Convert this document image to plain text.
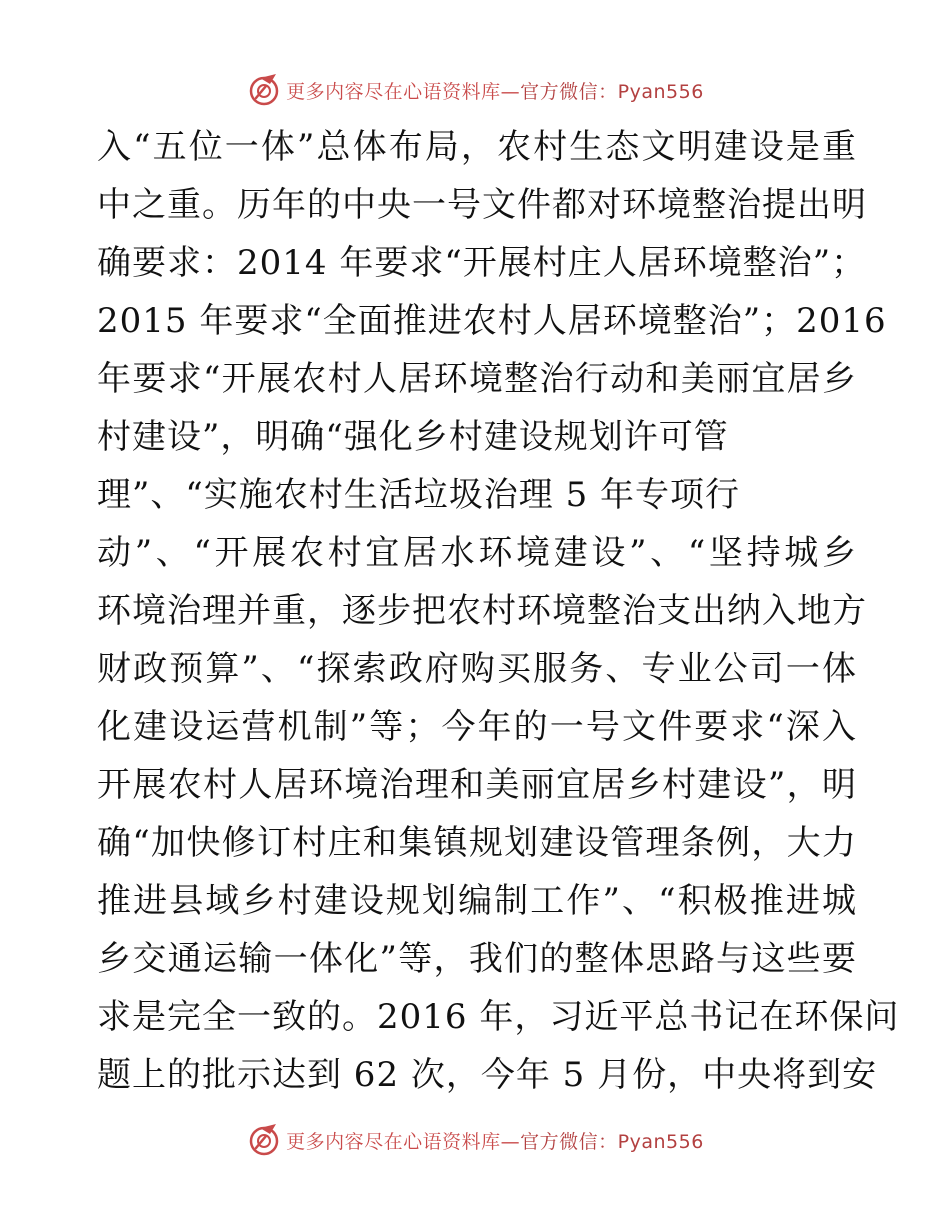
更多内容尽在心语资料库—官方微信：Pyan556
入“五位一体”总体布局，农村生态文明建设是重
中之重。历年的中央一号文件都对环境整治提出明
确要求：2014 年要求“开展村庄人居环境整治”；
2015 年要求“全面推进农村人居环境整治”；2016
年要求“开展农村人居环境整治行动和美丽宜居乡
村建设”，明确“强化乡村建设规划许可管
理”、“实施农村生活垃圾治理 5 年专项行
动”、“开展农村宜居水环境建设”、“坚持城乡
环境治理并重，逐步把农村环境整治支出纳入地方
财政预算”、“探索政府购买服务、专业公司一体
化建设运营机制”等；今年的一号文件要求“深入
开展农村人居环境治理和美丽宜居乡村建设”，明
确“加快修订村庄和集镇规划建设管理条例，大力
推进县域乡村建设规划编制工作”、“积极推进城
乡交通运输一体化”等，我们的整体思路与这些要
求是完全一致的。2016 年，习近平总书记在环保问
题上的批示达到 62 次，今年 5 月份，中央将到安
更多内容尽在心语资料库—官方微信：Pyan556
